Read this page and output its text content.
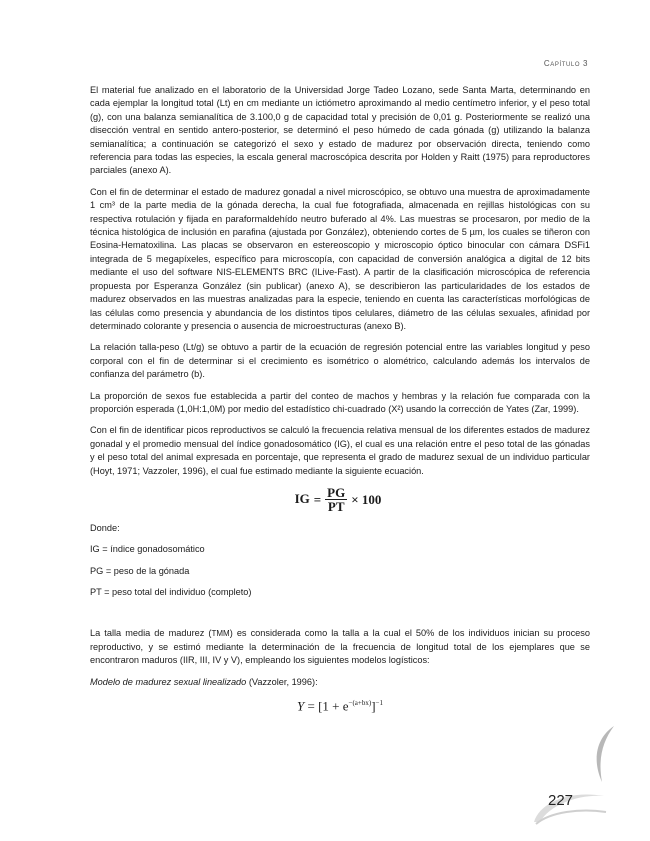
Capítulo 3

El material fue analizado en el laboratorio de la Universidad Jorge Tadeo Lozano, sede Santa Marta, determinando en cada ejemplar la longitud total (Lt) en cm mediante un ictiómetro aproximando al medio centímetro inferior, y el peso total (g), con una balanza semianalítica de 3.100,0 g de capacidad total y precisión de 0,01 g. Posteriormente se realizó una disección ventral en sentido antero-posterior, se determinó el peso húmedo de cada gónada (g) utilizando la balanza semianalítica; a continuación se categorizó el sexo y estado de madurez por observación directa, teniendo como referencia para todas las especies, la escala general macroscópica descrita por Holden y Raitt (1975) para reproductores parciales (anexo A).

Con el fin de determinar el estado de madurez gonadal a nivel microscópico, se obtuvo una muestra de aproximadamente 1 cm³ de la parte media de la gónada derecha, la cual fue fotografiada, almacenada en rejillas histológicas con su respectiva rotulación y fijada en paraformaldehído neutro buferado al 4%. Las muestras se procesaron, por medio de la técnica histológica de inclusión en parafina (ajustada por González), obteniendo cortes de 5 µm, los cuales se tiñeron con Eosina-Hematoxilina. Las placas se observaron en estereoscopio y microscopio óptico binocular con cámara DSFi1 integrada de 5 megapíxeles, específico para microscopía, con capacidad de conversión analógica a digital de 12 bits mediante el uso del software NIS-ELEMENTS BRC (ILive-Fast). A partir de la clasificación microscópica de referencia propuesta por Esperanza González (sin publicar) (anexo A), se describieron las particularidades de los estados de madurez observados en las muestras analizadas para la especie, teniendo en cuenta las características morfológicas de las células como presencia y abundancia de los distintos tipos celulares, diámetro de las células sexuales, afinidad por determinado colorante y presencia o ausencia de microestructuras (anexo B).

La relación talla-peso (Lt/g) se obtuvo a partir de la ecuación de regresión potencial entre las variables longitud y peso corporal con el fin de determinar si el crecimiento es isométrico o alométrico, calculando además los intervalos de confianza del parámetro (b).

La proporción de sexos fue establecida a partir del conteo de machos y hembras y la relación fue comparada con la proporción esperada (1,0H:1,0M) por medio del estadístico chi-cuadrado (X²) usando la corrección de Yates (Zar, 1999).

Con el fin de identificar picos reproductivos se calculó la frecuencia relativa mensual de los diferentes estados de madurez gonadal y el promedio mensual del índice gonadosomático (IG), el cual es una relación entre el peso total de las gónadas y el peso total del animal expresada en porcentaje, que representa el grado de madurez sexual de un individuo particular (Hoyt, 1971; Vazzoler, 1996), el cual fue estimado mediante la siguiente ecuación.

IG = $\frac{PG}{PT} \times 100$

Donde:

IG = índice gonadosomático

PG = peso de la gónada

PT = peso total del individuo (completo)

La talla media de madurez (TMM) es considerada como la talla a la cual el 50% de los individuos inician su proceso reproductivo, y se estimó mediante la determinación de la frecuencia de longitud total de los ejemplares que se encontraron maduros (IIR, III, IV y V), empleando los siguientes modelos logísticos:

Modelo de madurez sexual linealizado (Vazzoler, 1996):

$Y = [1 + e^{-(a+bx)}]^{-1}$
227
